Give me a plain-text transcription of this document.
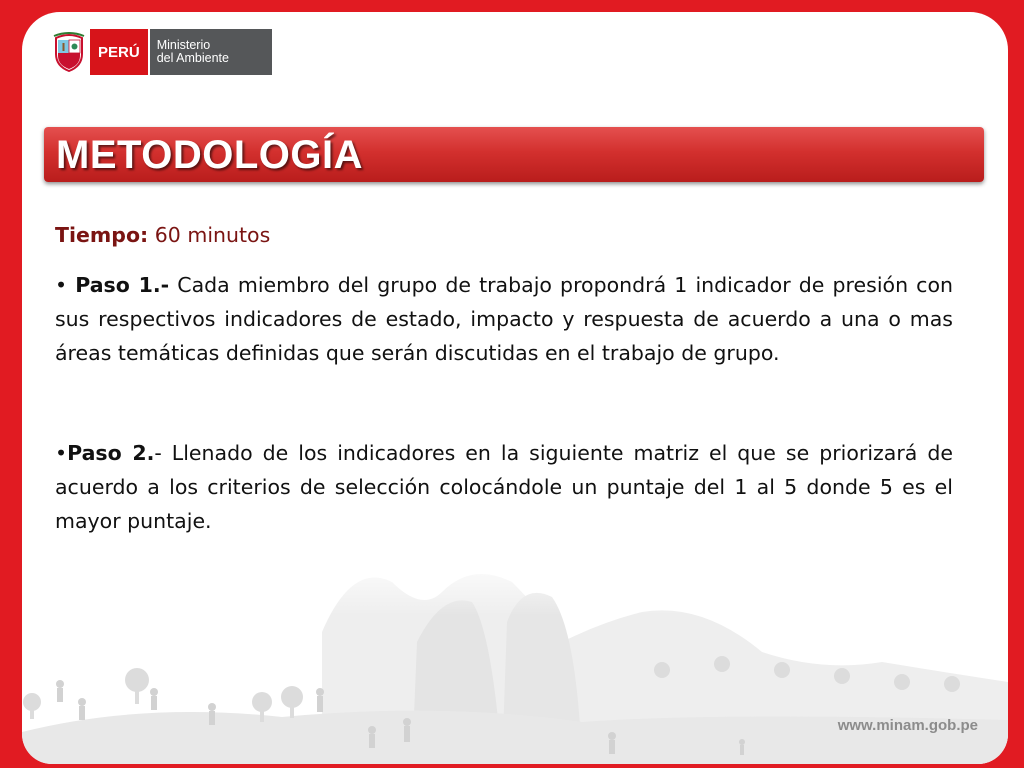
PERÚ	Ministerio
del Ambiente
METODOLOGÍA

Tiempo: 60 minutos

• Paso 1.- Cada miembro del grupo de trabajo propondrá 1 indicador de presión con sus respectivos indicadores de estado, impacto y respuesta de acuerdo a una o mas áreas temáticas definidas que serán discutidas en el trabajo de grupo.

•Paso 2.- Llenado de los indicadores en la siguiente matriz el que se priorizará de acuerdo a los criterios de selección colocándole un puntaje del 1 al 5 donde 5 es el mayor puntaje.

www.minam.gob.pe
